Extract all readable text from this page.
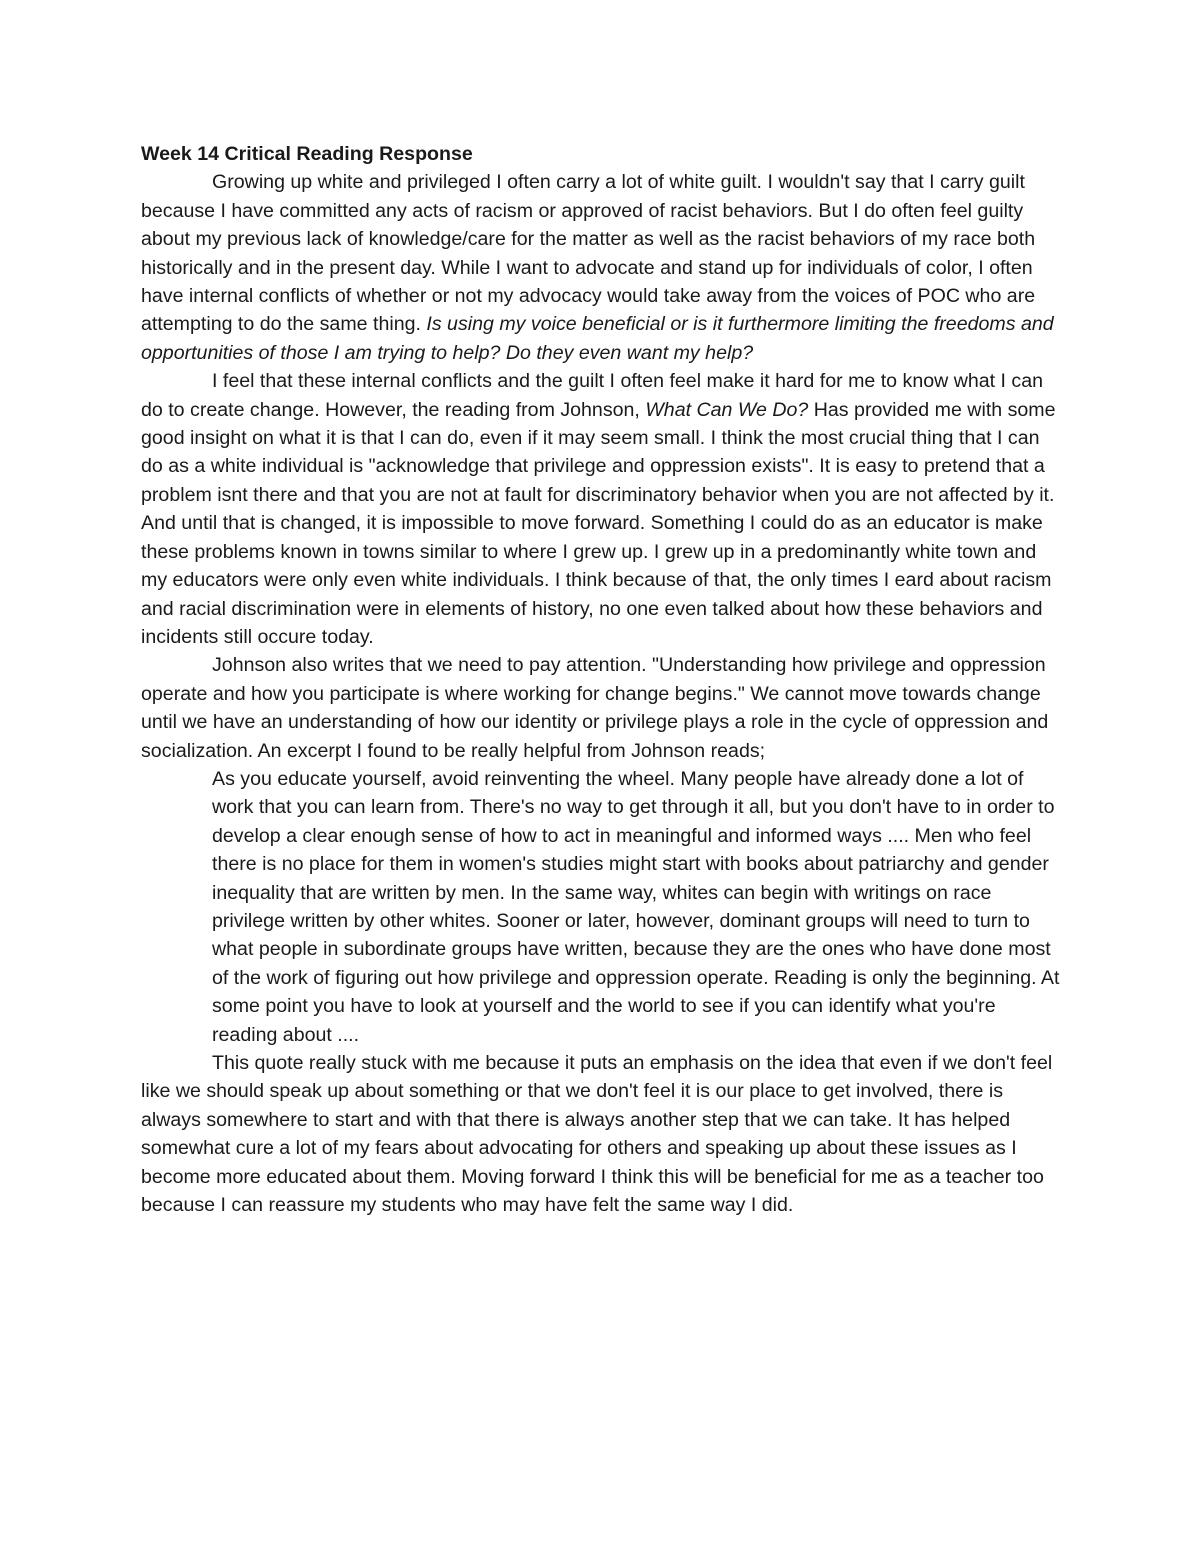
Week 14 Critical Reading Response

Growing up white and privileged I often carry a lot of white guilt. I wouldn't say that I carry guilt because I have committed any acts of racism or approved of racist behaviors. But I do often feel guilty about my previous lack of knowledge/care for the matter as well as the racist behaviors of my race both historically and in the present day. While I want to advocate and stand up for individuals of color, I often have internal conflicts of whether or not my advocacy would take away from the voices of POC who are attempting to do the same thing. Is using my voice beneficial or is it furthermore limiting the freedoms and opportunities of those I am trying to help? Do they even want my help?

I feel that these internal conflicts and the guilt I often feel make it hard for me to know what I can do to create change. However, the reading from Johnson, What Can We Do? Has provided me with some good insight on what it is that I can do, even if it may seem small. I think the most crucial thing that I can do as a white individual is "acknowledge that privilege and oppression exists". It is easy to pretend that a problem isnt there and that you are not at fault for discriminatory behavior when you are not affected by it. And until that is changed, it is impossible to move forward. Something I could do as an educator is make these problems known in towns similar to where I grew up. I grew up in a predominantly white town and my educators were only even white individuals. I think because of that, the only times I eard about racism and racial discrimination were in elements of history, no one even talked about how these behaviors and incidents still occure today.

Johnson also writes that we need to pay attention. "Understanding how privilege and oppression operate and how you participate is where working for change begins." We cannot move towards change until we have an understanding of how our identity or privilege plays a role in the cycle of oppression and socialization. An excerpt I found to be really helpful from Johnson reads;

As you educate yourself, avoid reinventing the wheel. Many people have already done a lot of work that you can learn from. There's no way to get through it all, but you don't have to in order to develop a clear enough sense of how to act in meaningful and informed ways .... Men who feel there is no place for them in women's studies might start with books about patriarchy and gender inequality that are written by men. In the same way, whites can begin with writings on race privilege written by other whites. Sooner or later, however, dominant groups will need to turn to what people in subordinate groups have written, because they are the ones who have done most of the work of figuring out how privilege and oppression operate. Reading is only the beginning. At some point you have to look at yourself and the world to see if you can identify what you're reading about ....

This quote really stuck with me because it puts an emphasis on the idea that even if we don't feel like we should speak up about something or that we don't feel it is our place to get involved, there is always somewhere to start and with that there is always another step that we can take. It has helped somewhat cure a lot of my fears about advocating for others and speaking up about these issues as I become more educated about them. Moving forward I think this will be beneficial for me as a teacher too because I can reassure my students who may have felt the same way I did.
